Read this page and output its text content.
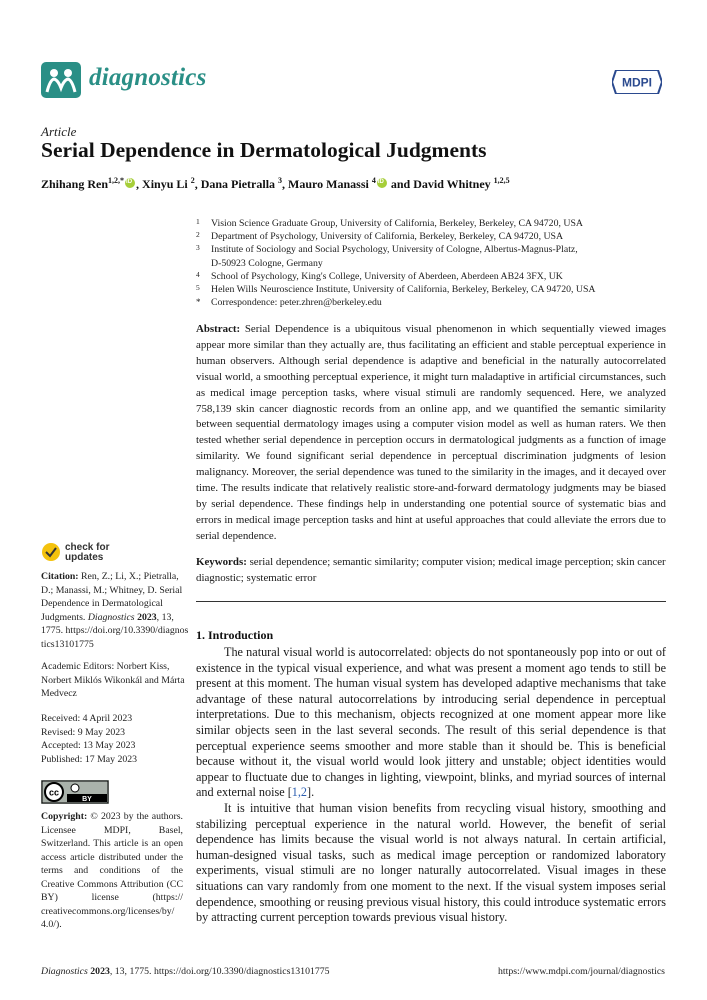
diagnostics	MDPI
Article
Serial Dependence in Dermatological Judgments
Zhihang Ren$^{1,2,*}$iD , Xinyu Li $^2$, Dana Pietralla $^3$, Mauro Manassi $^4$iD and David Whitney $^{1,2,5}$
1 Vision Science Graduate Group, University of California, Berkeley, Berkeley, CA 94720, USA
2 Department of Psychology, University of California, Berkeley, Berkeley, CA 94720, USA
3 Institute of Sociology and Social Psychology, University of Cologne, Albertus-Magnus-Platz,
D-50923 Cologne, Germany
4 School of Psychology, King's College, University of Aberdeen, Aberdeen AB24 3FX, UK
5 Helen Wills Neuroscience Institute, University of California, Berkeley, Berkeley, CA 94720, USA
* Correspondence: peter.zhren@berkeley.edu
Abstract: Serial Dependence is a ubiquitous visual phenomenon in which sequentially viewed images appear more similar than they actually are, thus facilitating an efficient and stable perceptual experience in human observers. Although serial dependence is adaptive and beneficial in the naturally autocorrelated visual world, a smoothing perceptual experience, it might turn maladaptive in artificial circumstances, such as medical image perception tasks, where visual stimuli are randomly sequenced. Here, we analyzed 758,139 skin cancer diagnostic records from an online app, and we quantified the semantic similarity between sequential dermatology images using a computer vision model as well as human raters. We then tested whether serial dependence in perception occurs in dermatological judgments as a function of image similarity. We found significant serial dependence in perceptual discrimination judgments of lesion malignancy. Moreover, the serial dependence was tuned to the similarity in the images, and it decayed over time. The results indicate that relatively realistic store-and-forward dermatology judgments may be biased by serial dependence. These findings help in understanding one potential source of systematic bias and errors in medical image perception tasks and hint at useful approaches that could alleviate the errors due to serial dependence.
Keywords: serial dependence; semantic similarity; computer vision; medical image perception; skin cancer diagnostic; systematic error
check for
updates
Citation: Ren, Z.; Li, X.; Pietralla, D.; Manassi, M.; Whitney, D. Serial Dependence in Dermatological Judgments. Diagnostics 2023, 13, 1775. https://doi.org/10.3390/diagnostics13101775
Academic Editors: Norbert Kiss, Norbert Miklós Wikonkál and Márta Medvecz
Received: 4 April 2023
Revised: 9 May 2023
Accepted: 13 May 2023
Published: 17 May 2023
cc
BY
Copyright: © 2023 by the authors. Licensee MDPI, Basel, Switzerland. This article is an open access article distributed under the terms and conditions of the Creative Commons Attribution (CC BY) license (https:// creativecommons.org/licenses/by/ 4.0/).
1. Introduction

The natural visual world is autocorrelated: objects do not spontaneously pop into or out of existence in the typical visual experience, and what was present a moment ago tends to still be present at this moment. The human visual system has developed adaptive mechanisms that take advantage of these natural autocorrelations by introducing serial dependence in perceptual interpretations. Due to this mechanism, objects recognized at one moment appear more like similar objects seen in the last several seconds. The result of this serial dependence is that perceptual experience seems smoother and more stable than it should be. This is beneficial because without it, the visual world would look jittery and unstable; object identities would appear to fluctuate due to changes in lighting, viewpoint, blinks, and myriad sources of internal and external noise [1,2].

It is intuitive that human vision benefits from recycling visual history, smoothing and stabilizing perceptual experience in the natural world. However, the benefit of serial dependence has limits because the visual world is not always natural. In certain artificial, human-designed visual tasks, such as medical image perception or randomized laboratory experiments, visual stimuli are no longer naturally autocorrelated. Visual images in these situations can vary randomly from one moment to the next. If the visual system imposes serial dependence, smoothing or reusing previous visual history, this could introduce systematic errors by attracting current perception towards previous visual history.

Diagnostics 2023, 13, 1775. https://doi.org/10.3390/diagnostics13101775	https://www.mdpi.com/journal/diagnostics
